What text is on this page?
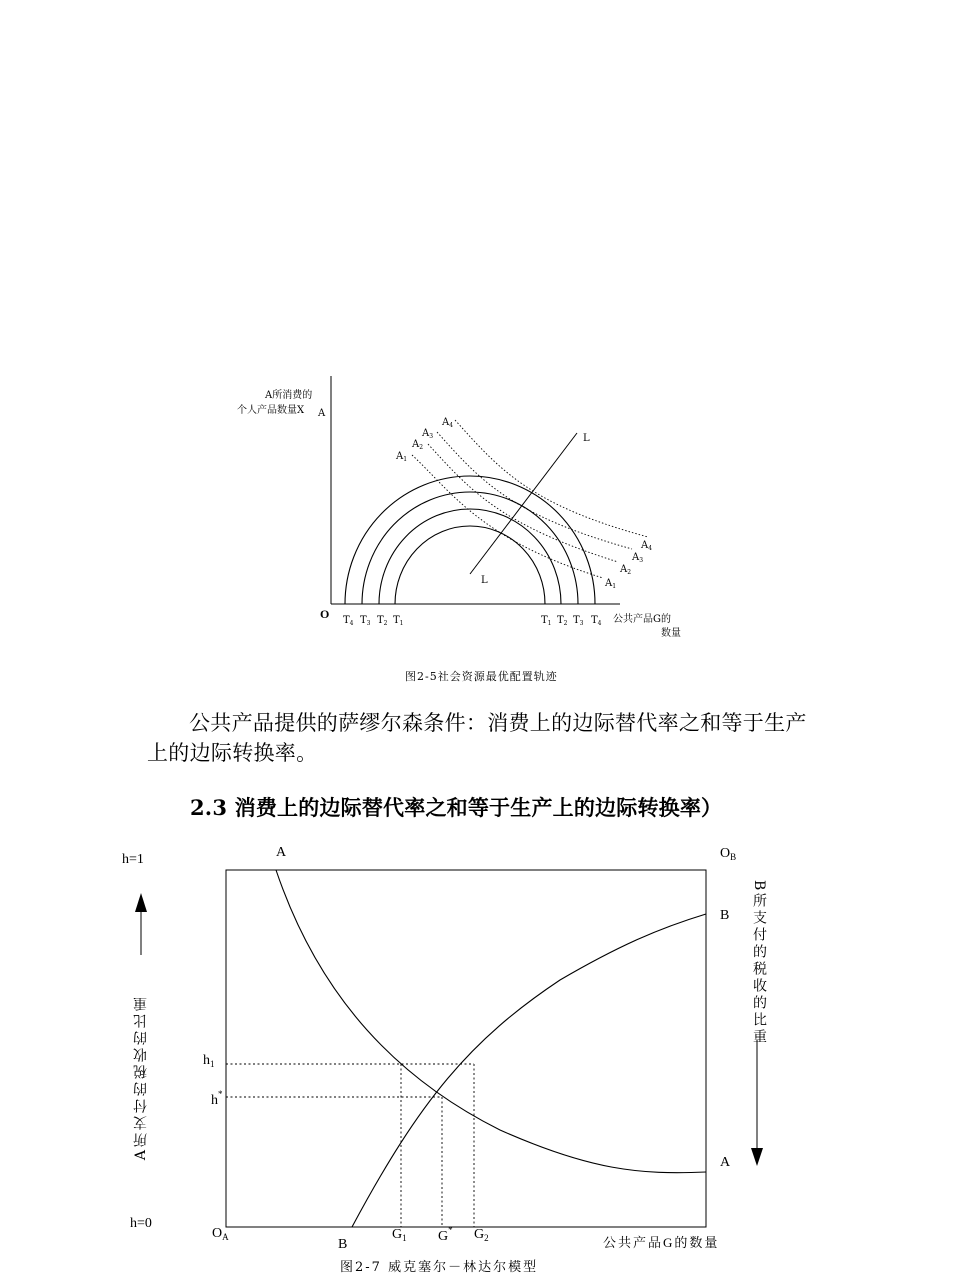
A所消费的
个人产品数量X A
O
L
L
$T_4$ $T_3$ $T_2$ $T_1$	$T_1$ $T_2$ $T_3$ $T_4$ 公共产品G的
数量
$A_4$
$A_3$
$A_2$
$A_1$
$A_4$
$A_3$
$A_2$
$A_1$
图2-5社会资源最优配置轨迹
公共产品提供的萨缪尔森条件：消费上的边际替代率之和等于生产
上的边际转换率。
2.3 消费上的边际替代率之和等于生产上的边际转换率）
h=1
h=0
A	$O_B$
B
A
$O_A$	B
$h_1$
h*
$G_1$ G* $G_2$	公共产品G的数量
A所支付的税收的比重
B所支付的税收的比重
图2-7 威克塞尔－林达尔模型
